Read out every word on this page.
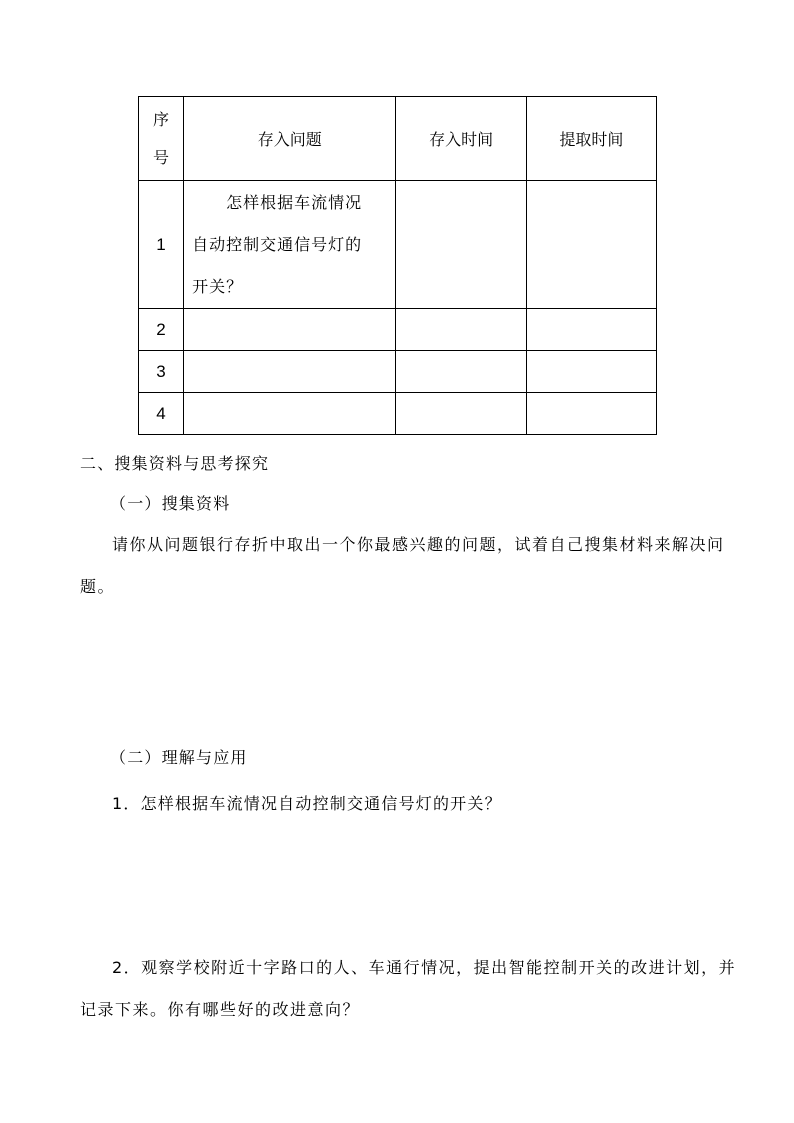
序
号	存入问题	存入时间	提取时间
1	怎样根据车流情况
自动控制交通信号灯的
开关？		

2			
3			
4			
二、搜集资料与思考探究
（一）搜集资料
请你从问题银行存折中取出一个你最感兴趣的问题，试着自己搜集材料来解决问题。
（二）理解与应用
1．怎样根据车流情况自动控制交通信号灯的开关？
2．观察学校附近十字路口的人、车通行情况，提出智能控制开关的改进计划，并记录下来。你有哪些好的改进意向？
